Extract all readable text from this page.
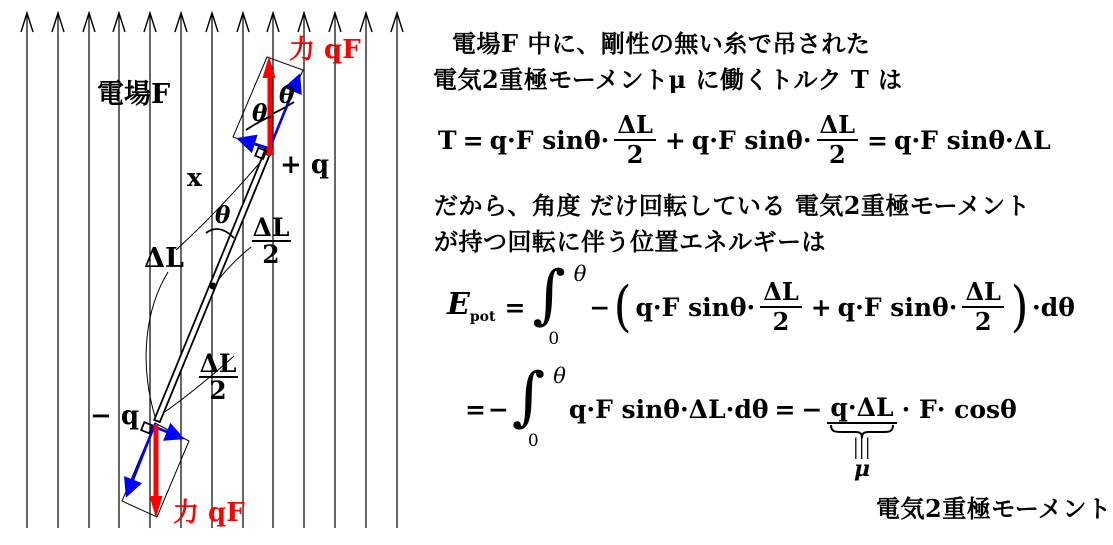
電場F
力 qF
力 qF
+ q
− q
x
ΔL
θ
θ
θ
ΔL
2
ΔL
2
電場F 中に、剛性の無い糸で吊された
電気2重極モーメントμ に働くトルク T は
T = q·F $\sin\theta\cdot \frac{\Delta L}{2} + q\cdot F$ $\sin\theta\cdot \frac{\Delta L}{2} = q\cdot F$ sinθ·ΔL
だから、角度 だけ回転している 電気2重極モーメント
が持つ回転に伴う位置エネルギーは
$E_{pot}$ = ∫ θ
0
− ( q·F $\sin\theta\cdot \frac{\Delta L}{2} + q\cdot F$ $\sin\theta\cdot \frac{\Delta L}{2}$ ) ·dθ
= − ∫ θ
0
q·F sinθ·ΔL·dθ = − q·ΔL
|||
μ · F· cosθ
電気2重極モーメント
